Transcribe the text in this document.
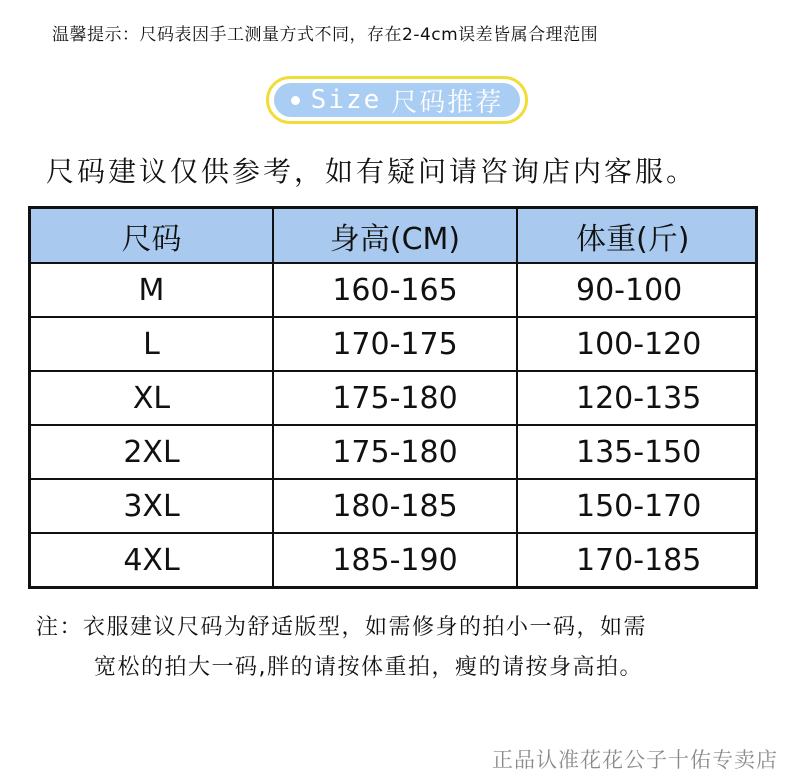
温馨提示：尺码表因手工测量方式不同，存在2-4cm误差皆属合理范围
Size 尺码推荐
尺码建议仅供参考，如有疑问请咨询店内客服。
尺码	身高(CM)	体重(斤)
M	160-165	90-100
L	170-175	100-120
XL	175-180	120-135
2XL	175-180	135-150
3XL	180-185	150-170
4XL	185-190	170-185
注：衣服建议尺码为舒适版型，如需修身的拍小一码，如需
宽松的拍大一码,胖的请按体重拍，瘦的请按身高拍。
正品认准花花公子十佑专卖店
